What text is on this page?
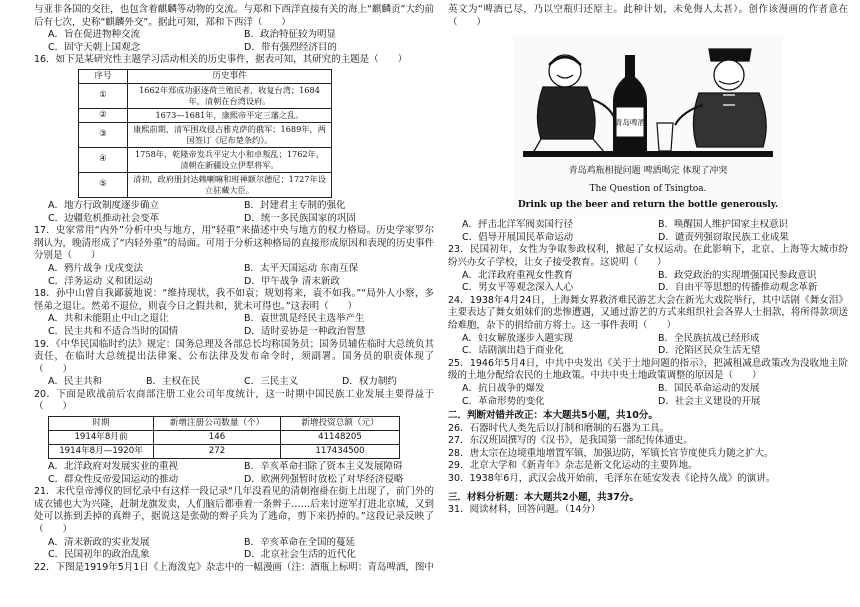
与亚非各国的交往，也包含着麒麟等动物的交流。与郑和下西洋直接有关的海上“麒麟贡”大约前后有七次，史称“麒麟外交”。据此可知，郑和下西洋（　　）

A．旨在促进物种交流	B．政治特征较为明显
C．固守天朝上国观念	D．带有强烈经济目的

16．如下是某研究性主题学习活动相关的历史事件，据表可知，其研究的主题是（　　）

序号	历史事件
①	1662年郑成功驱逐荷兰殖民者，收复台湾；1684年，清朝在台湾设府。
②	1673—1681年，康熙帝平定三藩之乱。
③	康熙前期，清军围攻侵占雅克萨的俄军；1689年，两国签订《尼布楚条约》。
④	1758年，乾隆帝发兵平定大小和卓叛乱；1762年，清朝在新疆设立伊犁将军。
⑤	清初，政府册封达赖喇嘛和班禅额尔德尼；1727年设立驻藏大臣。
A．地方行政制度逐步确立	B．封建君主专制的强化
C．边疆危机推动社会变革	D．统一多民族国家的巩固

17．史家常用“内外”分析中央与地方，用“轻重”来描述中央与地方的权力格局。历史学家罗尔纲认为，晚清形成了“内轻外重”的局面。可用于分析这种格局的直接形成原因和表现的历史事件分别是（　　）

A．鸦片战争 戊戌变法	B．太平天国运动 东南互保
C．洋务运动 义和团运动	D．甲午战争 清末新政

18．孙中山曾自我鄙藐地说：“维持现状，我不如袁；规划将来，袁不如我。”“局外人小察，多怪弟之退让。然弟不退位，则袁今日之假共和，犹未可得也。”这表明（　　）

A．共和未能阻止中山之退让	B．袁世凯是经民主选举产生
C．民主共和不适合当时的国情	D．适时妥协是一种政治智慧

19．《中华民国临时约法》规定：国务总理及各部总长均称国务员；国务员辅佐临时大总统负其责任，在临时大总统提出法律案、公布法律及发布命令时，须副署。国务员的职责体现了（　　）

A．民主共和	B．主权在民	C．三民主义	D．权力制约

20．下面是欧战前后农商部注册工业公司年度统计，这一时期中国民族工业发展主要得益于（　　）

时期	新增注册公司数量（个）	新增投资总额（元）
1914年8月前	146	41148205
1914年8月—1920年	272	117434500
A．北洋政府对发展实业的重视	B．辛亥革命扫除了资本主义发展障碍
C．群众性反帝爱国运动的推动	D．欧洲列强暂时放松了对华经济侵略

21．末代皇帝溥仪的回忆录中有这样一段记录“几年没看见的清朝袍褂在街上出现了，前门外的成衣铺也大为兴隆，赶制龙旗发卖，人们脑后都垂着一条辫子……后来讨逆军打进北京城，又到处可以拣到丢掉的真辫子，据说这是张勋的辫子兵为了逃命，剪下来扔掉的。”这段记录反映了（　　）

A．清末新政的实业发展	B．辛亥革命在全国的蔓延
C．民国初年的政治乱象	D．北京社会生活的近代化

22．下图是1919年5月1日《上海泼克》杂志中的一幅漫画（注：酒瓶上标明：青岛啤酒，图中

英文为“啤酒已尽，乃以空瓶归还原主。此种计划，未免侮人太甚）。创作该漫画的作者意在（　　）

青岛啤酒
青岛鸡瓶相提问题 啤酒喝完 体现了冲突
The Question of Tsingtoa.
Drink up the beer and return the bottle generously.
A．抨击北洋军阀卖国行径	B．唤醒国人维护国家主权意识
C．倡导开展国民革命运动	D．谴责列强窃取民族工业成果

23．民国初年，女性为争取参政权利，掀起了女权运动。在此影响下，北京、上海等大城市纷纷兴办女子学校，让女子接受教育。这说明（　　）

A．北洋政府重视女性教育	B．政党政治的实现增强国民参政意识
C．男女平等观念深入人心	D．自由平等思想的传播推动观念革新

24．1938年4月24日，上海舞女界救济难民游艺大会在新光大戏院举行，其中话剧《舞女泪》主要表达了舞女姐妹们的悲惨遭遇，又通过游艺的方式来组织社会各界人士捐款，将所得款项送给难胞，杂下的捐给前方将士。这一事件表明（　　）

A．妇女解放逐步入题实现	B．全民族抗战已经形成
C．话剧演出趋于商业化	D．沦陷区民众生活无望

25．1946年5月4日，中共中央发出《关于土地问题的指示》，把减租减息政策改为没收地主阶级的土地分配给农民的土地政策。中共中央土地政策调整的原因是（　　）

A．抗日战争的爆发	B．国民革命运动的发展
C．革命形势的变化	D．社会主义建设的开展

二．判断对错并改正：本大题共5小题，共10分。

26．石器时代人类先后以打制和磨制的石器为工具。

27．东汉班固撰写的《汉书》，是我国第一部纪传体通史。

28．唐太宗在边境重地增置军镇，加强边防，军镇长官节度使兵力随之扩大。

29．北京大学和《新青年》杂志是新文化运动的主要阵地。

30．1938年6月，武汉会战开始前，毛泽东在延安发表《论持久战》的演讲。

三．材料分析题：本大题共2小题，共37分。

31．阅读材料，回答问题。（14分）
